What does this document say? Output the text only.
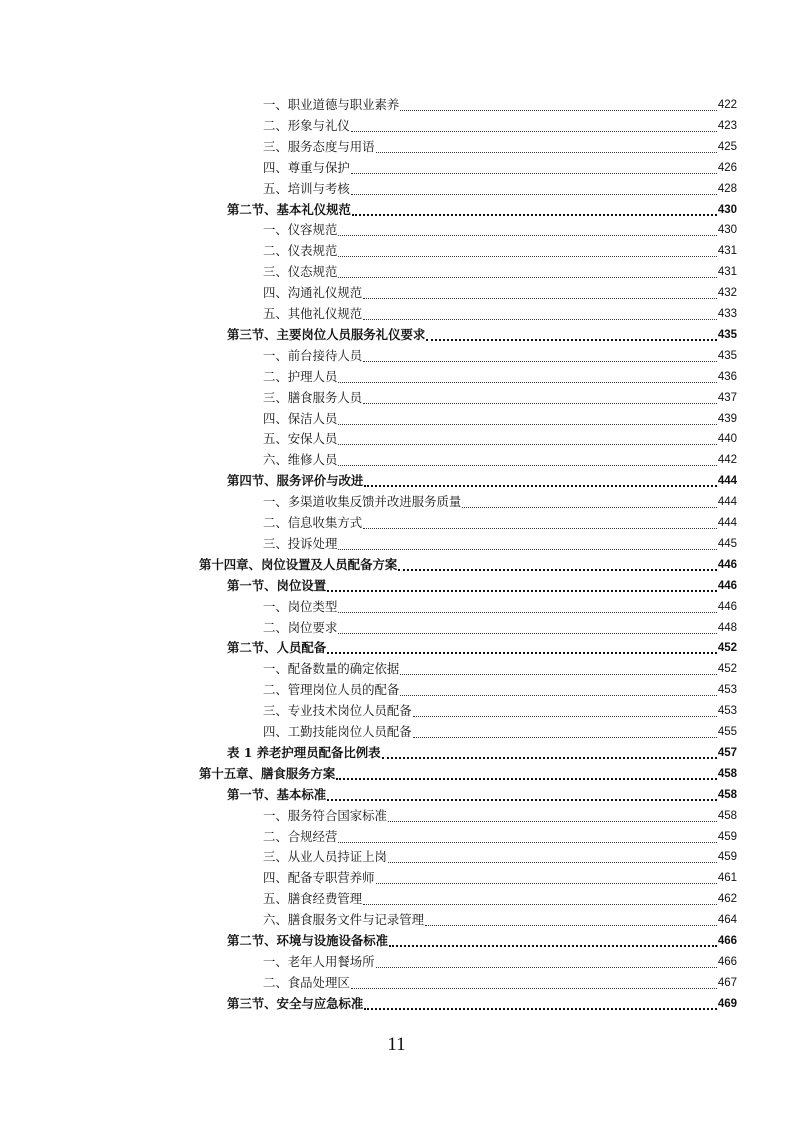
一、职业道德与职业素养	422
二、形象与礼仪	423
三、服务态度与用语	425
四、尊重与保护	426
五、培训与考核	428
第二节、基本礼仪规范	430
一、仪容规范	430
二、仪表规范	431
三、仪态规范	431
四、沟通礼仪规范	432
五、其他礼仪规范	433
第三节、主要岗位人员服务礼仪要求	435
一、前台接待人员	435
二、护理人员	436
三、膳食服务人员	437
四、保洁人员	439
五、安保人员	440
六、维修人员	442
第四节、服务评价与改进	444
一、多渠道收集反馈并改进服务质量	444
二、信息收集方式	444
三、投诉处理	445
第十四章、岗位设置及人员配备方案	446
第一节、岗位设置	446
一、岗位类型	446
二、岗位要求	448
第二节、人员配备	452
一、配备数量的确定依据	452
二、管理岗位人员的配备	453
三、专业技术岗位人员配备	453
四、工勤技能岗位人员配备	455
表 1 养老护理员配备比例表	457
第十五章、膳食服务方案	458
第一节、基本标准	458
一、服务符合国家标准	458
二、合规经营	459
三、从业人员持证上岗	459
四、配备专职营养师	461
五、膳食经费管理	462
六、膳食服务文件与记录管理	464
第二节、环境与设施设备标准	466
一、老年人用餐场所	466
二、食品处理区	467
第三节、安全与应急标准	469
11
